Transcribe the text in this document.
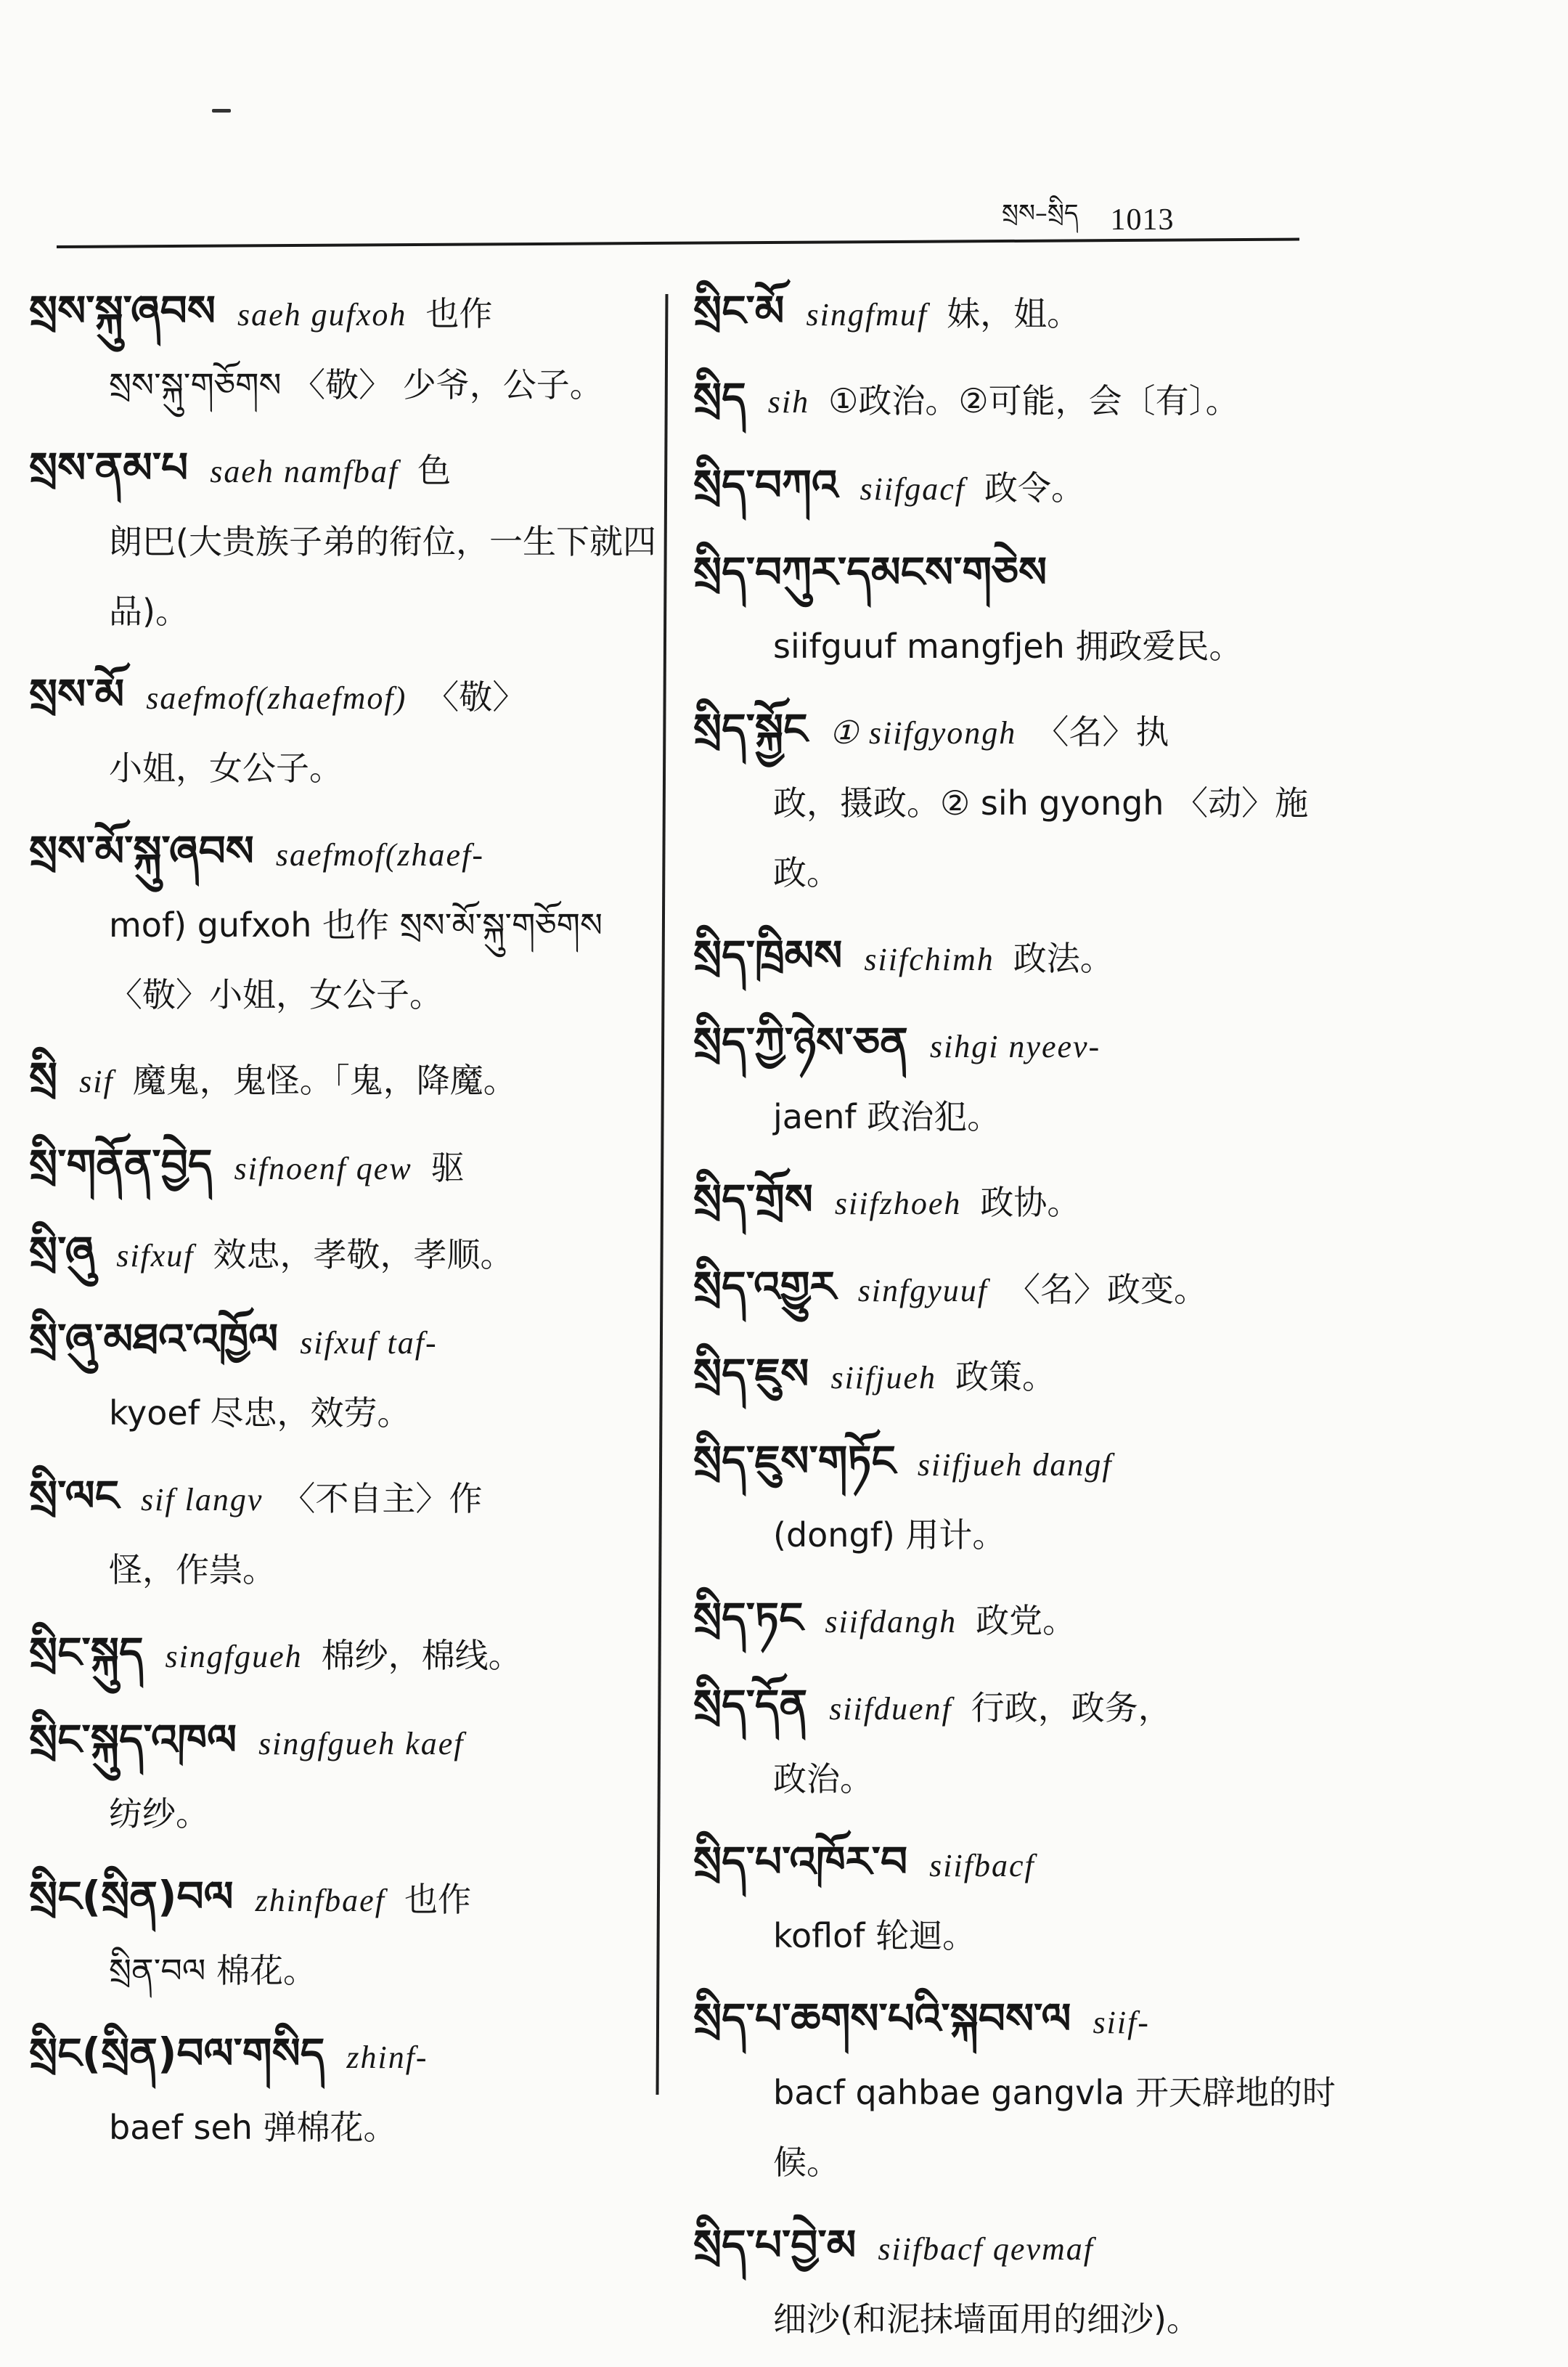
སྲས–སྲིད 1013
སྲས་སྐུ་ཞབས saeh gufxoh 也作
སྲས་སྐུ་གཅོགས 〈敬〉 少爷，公子。
སྲས་ནམ་པ saeh namfbaf 色
朗巴(大贵族子弟的衔位，一生下就四品)。
སྲས་མོ saefmof(zhaefmof) 〈敬〉
小姐，女公子。
སྲས་མོ་སྐུ་ཞབས saefmof(zhaef-
mof) gufxoh 也作 སྲས་མོ་སྐུ་གཅོགས 〈敬〉小姐，女公子。
སྲི sif 魔鬼，鬼怪。「鬼，降魔。
སྲི་གནོན་བྱེད sifnoenf qew 驱
སྲི་ཞུ sifxuf 效忠，孝敬，孝顺。
སྲི་ཞུ་མཐའ་འཁྱོལ sifxuf taf-
kyoef 尽忠，效劳。
སྲི་ལང sif langv 〈不自主〉作
怪，作祟。
སྲིང་སྐུད singfgueh 棉纱，棉线。
སྲིང་སྐུད་འཁལ singfgueh kaef
纺纱。
སྲིང(སྲིན)བལ zhinfbaef 也作
སྲིན་བལ 棉花。
སྲིང(སྲིན)བལ་གསིད zhinf-
baef seh 弹棉花。
སྲིང་མོ singfmuf 妹，姐。
སྲིད sih ①政治。②可能，会〔有〕。
སྲིད་བཀའ siifgacf 政令。
སྲིད་བཀུར་དམངས་གཅེས
siifguuf mangfjeh 拥政爱民。
སྲིད་སྐྱོང ① siifgyongh 〈名〉执
政，摄政。② sih gyongh 〈动〉施政。
སྲིད་ཁྲིམས siifchimh 政法。
སྲིད་ཀྱི་ཉེས་ཅན sihgi nyeev-
jaenf 政治犯。
སྲིད་གྲོས siifzhoeh 政协。
སྲིད་འགྱུར sinfgyuuf 〈名〉政变。
སྲིད་ཇུས siifjueh 政策。
སྲིད་ཇུས་གཏོང siifjueh dangf
(dongf) 用计。
སྲིད་ཏང siifdangh 政党。
སྲིད་དོན siifduenf 行政，政务，
政治。
སྲིད་པ་འཁོར་བ siifbacf
koflof 轮迴。
སྲིད་པ་ཆགས་པའི་སྐབས་ལ siif-
bacf qahbae gangvla 开天辟地的时候。
སྲིད་པ་བྱེ་མ siifbacf qevmaf
细沙(和泥抹墙面用的细沙)。
